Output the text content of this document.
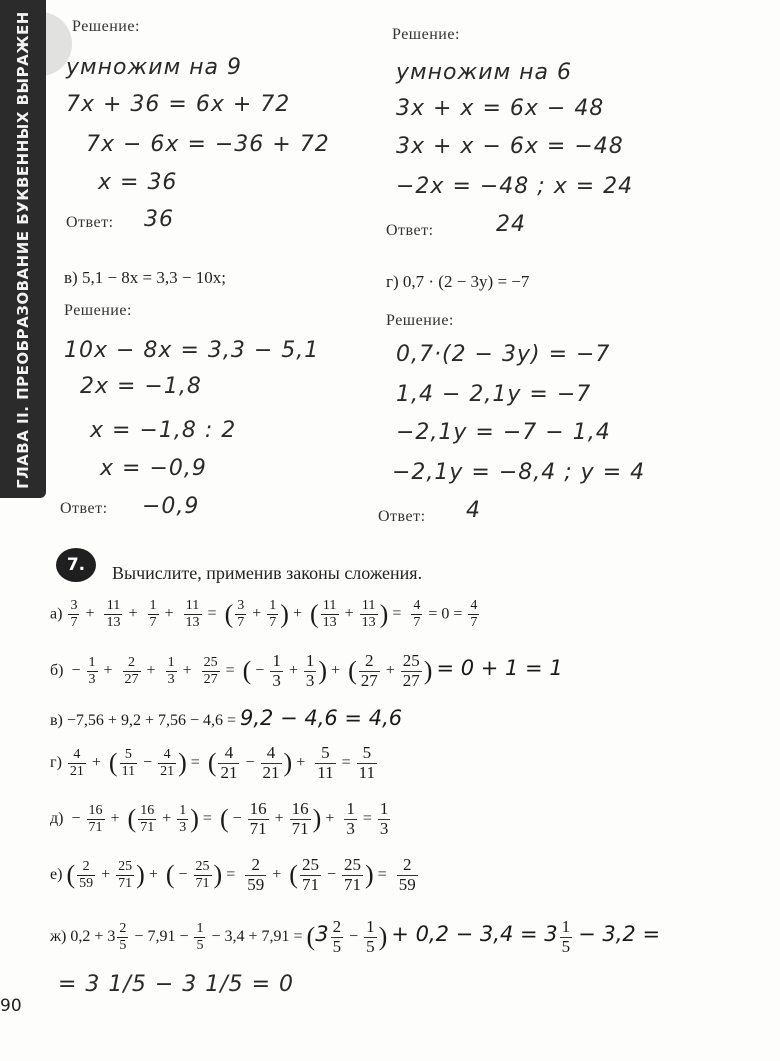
ГЛАВА II. ПРЕОБРАЗОВАНИЕ БУКВЕННЫХ ВЫРАЖЕН	Решение:
умножим на 9
7x + 36 = 6x + 72
7x − 6x = −36 + 72
x = 36
Ответ: 36
Решение:
умножим на 6
3x + x = 6x − 48
3x + x − 6x = −48
−2x = −48 ; x = 24
Ответ:	24
в) 5,1 − 8x = 3,3 − 10x;
Решение:
10x − 8x = 3,3 − 5,1
2x = −1,8
x = −1,8 : 2
x = −0,9
Ответ: −0,9
г) 0,7 · (2 − 3y) = −7
Решение:
0,7·(2 − 3y) = −7
1,4 − 2,1y = −7
−2,1y = −7 − 1,4
−2,1y = −8,4 ; y = 4
Ответ: 4
7.	Вычислите, применив законы сложения.
$а) \frac{3}{7} + \frac{11}{13} + \frac{1}{7} + \frac{11}{13}$ = ( $\frac{3}{7} + \frac{1}{7}$ ) + ( $\frac{11}{13} + \frac{11}{13}$ ) = $\frac{4}{7} = 0 = \frac{4}{7}$
$б) - \frac{1}{3} + \frac{2}{27} + \frac{1}{3} + \frac{25}{27}$ = ( − $\frac{1}{3} + \frac{1}{3}$ ) + ( $\frac{2}{27} + \frac{25}{27}$ ) = 0 + 1 = 1
в) −7,56 + 9,2 + 7,56 − 4,6 = 9,2 − 4,6 = 4,6
$г) \frac{4}{21}$ + ( $\frac{5}{11} - \frac{4}{21}$ ) = ( $\frac{4}{21} - \frac{4}{21}$ ) + $\frac{5}{11} = \frac{5}{11}$
$д) - \frac{16}{71}$ + ( $\frac{16}{71} + \frac{1}{3}$ ) = ( − $\frac{16}{71} + \frac{16}{71}$ ) + $\frac{1}{3} = \frac{1}{3}$
е) ( $\frac{2}{59} + \frac{25}{71}$ ) + ( − $\frac{25}{71}$ ) = $\frac{2}{59}$ + ( $\frac{25}{71} - \frac{25}{71}$ ) = $\frac{2}{59}$
ж) $0,2 + 3 \frac{2}{5} - 7,91 - \frac{1}{5} - 3,4 + 7,91 = (3 \frac{2}{5} - \frac{1}{5}$ ) + $0,2 - 3,4 = 3 \frac{1}{5} - 3,2$ =
= 3 1/5 − 3 1/5 = 0
90
